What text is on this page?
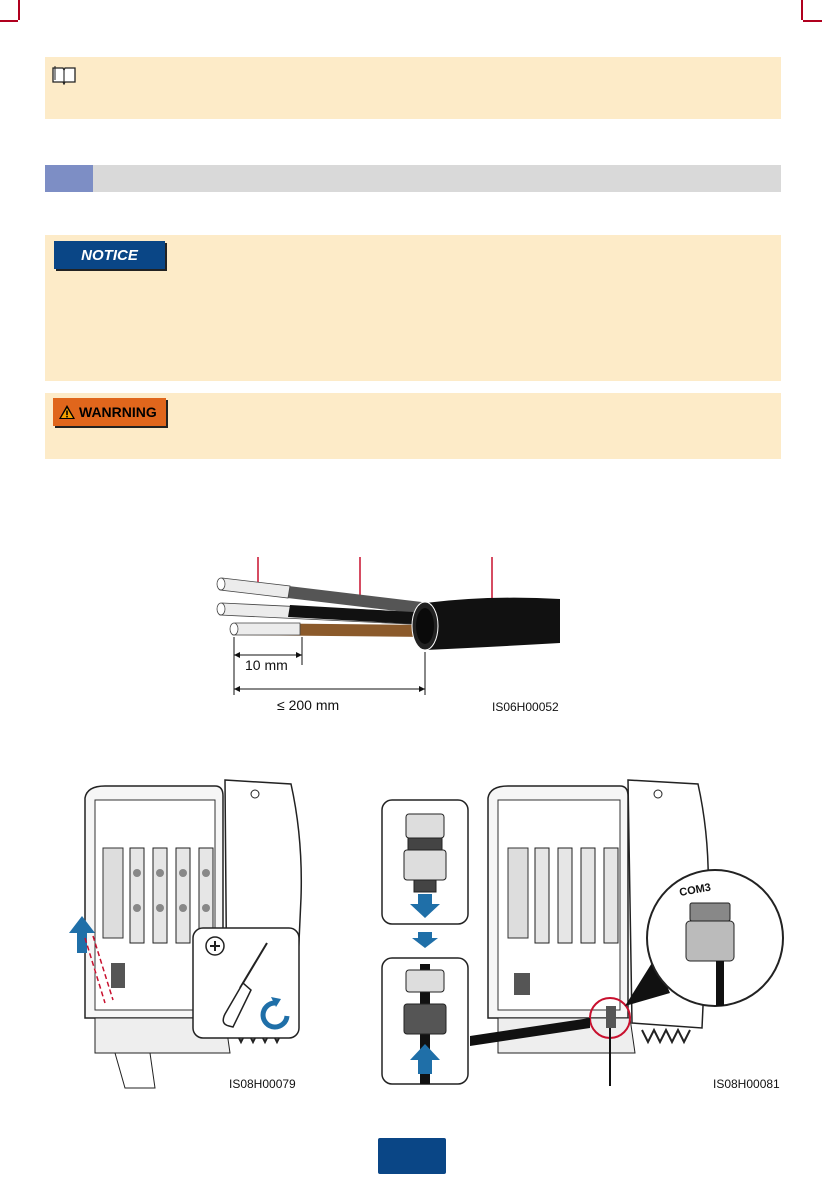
NOTICE
WANRNING
10 mm
≤ 200 mm	IS06H00052
IS08H00079
COM3
IS08H00081
